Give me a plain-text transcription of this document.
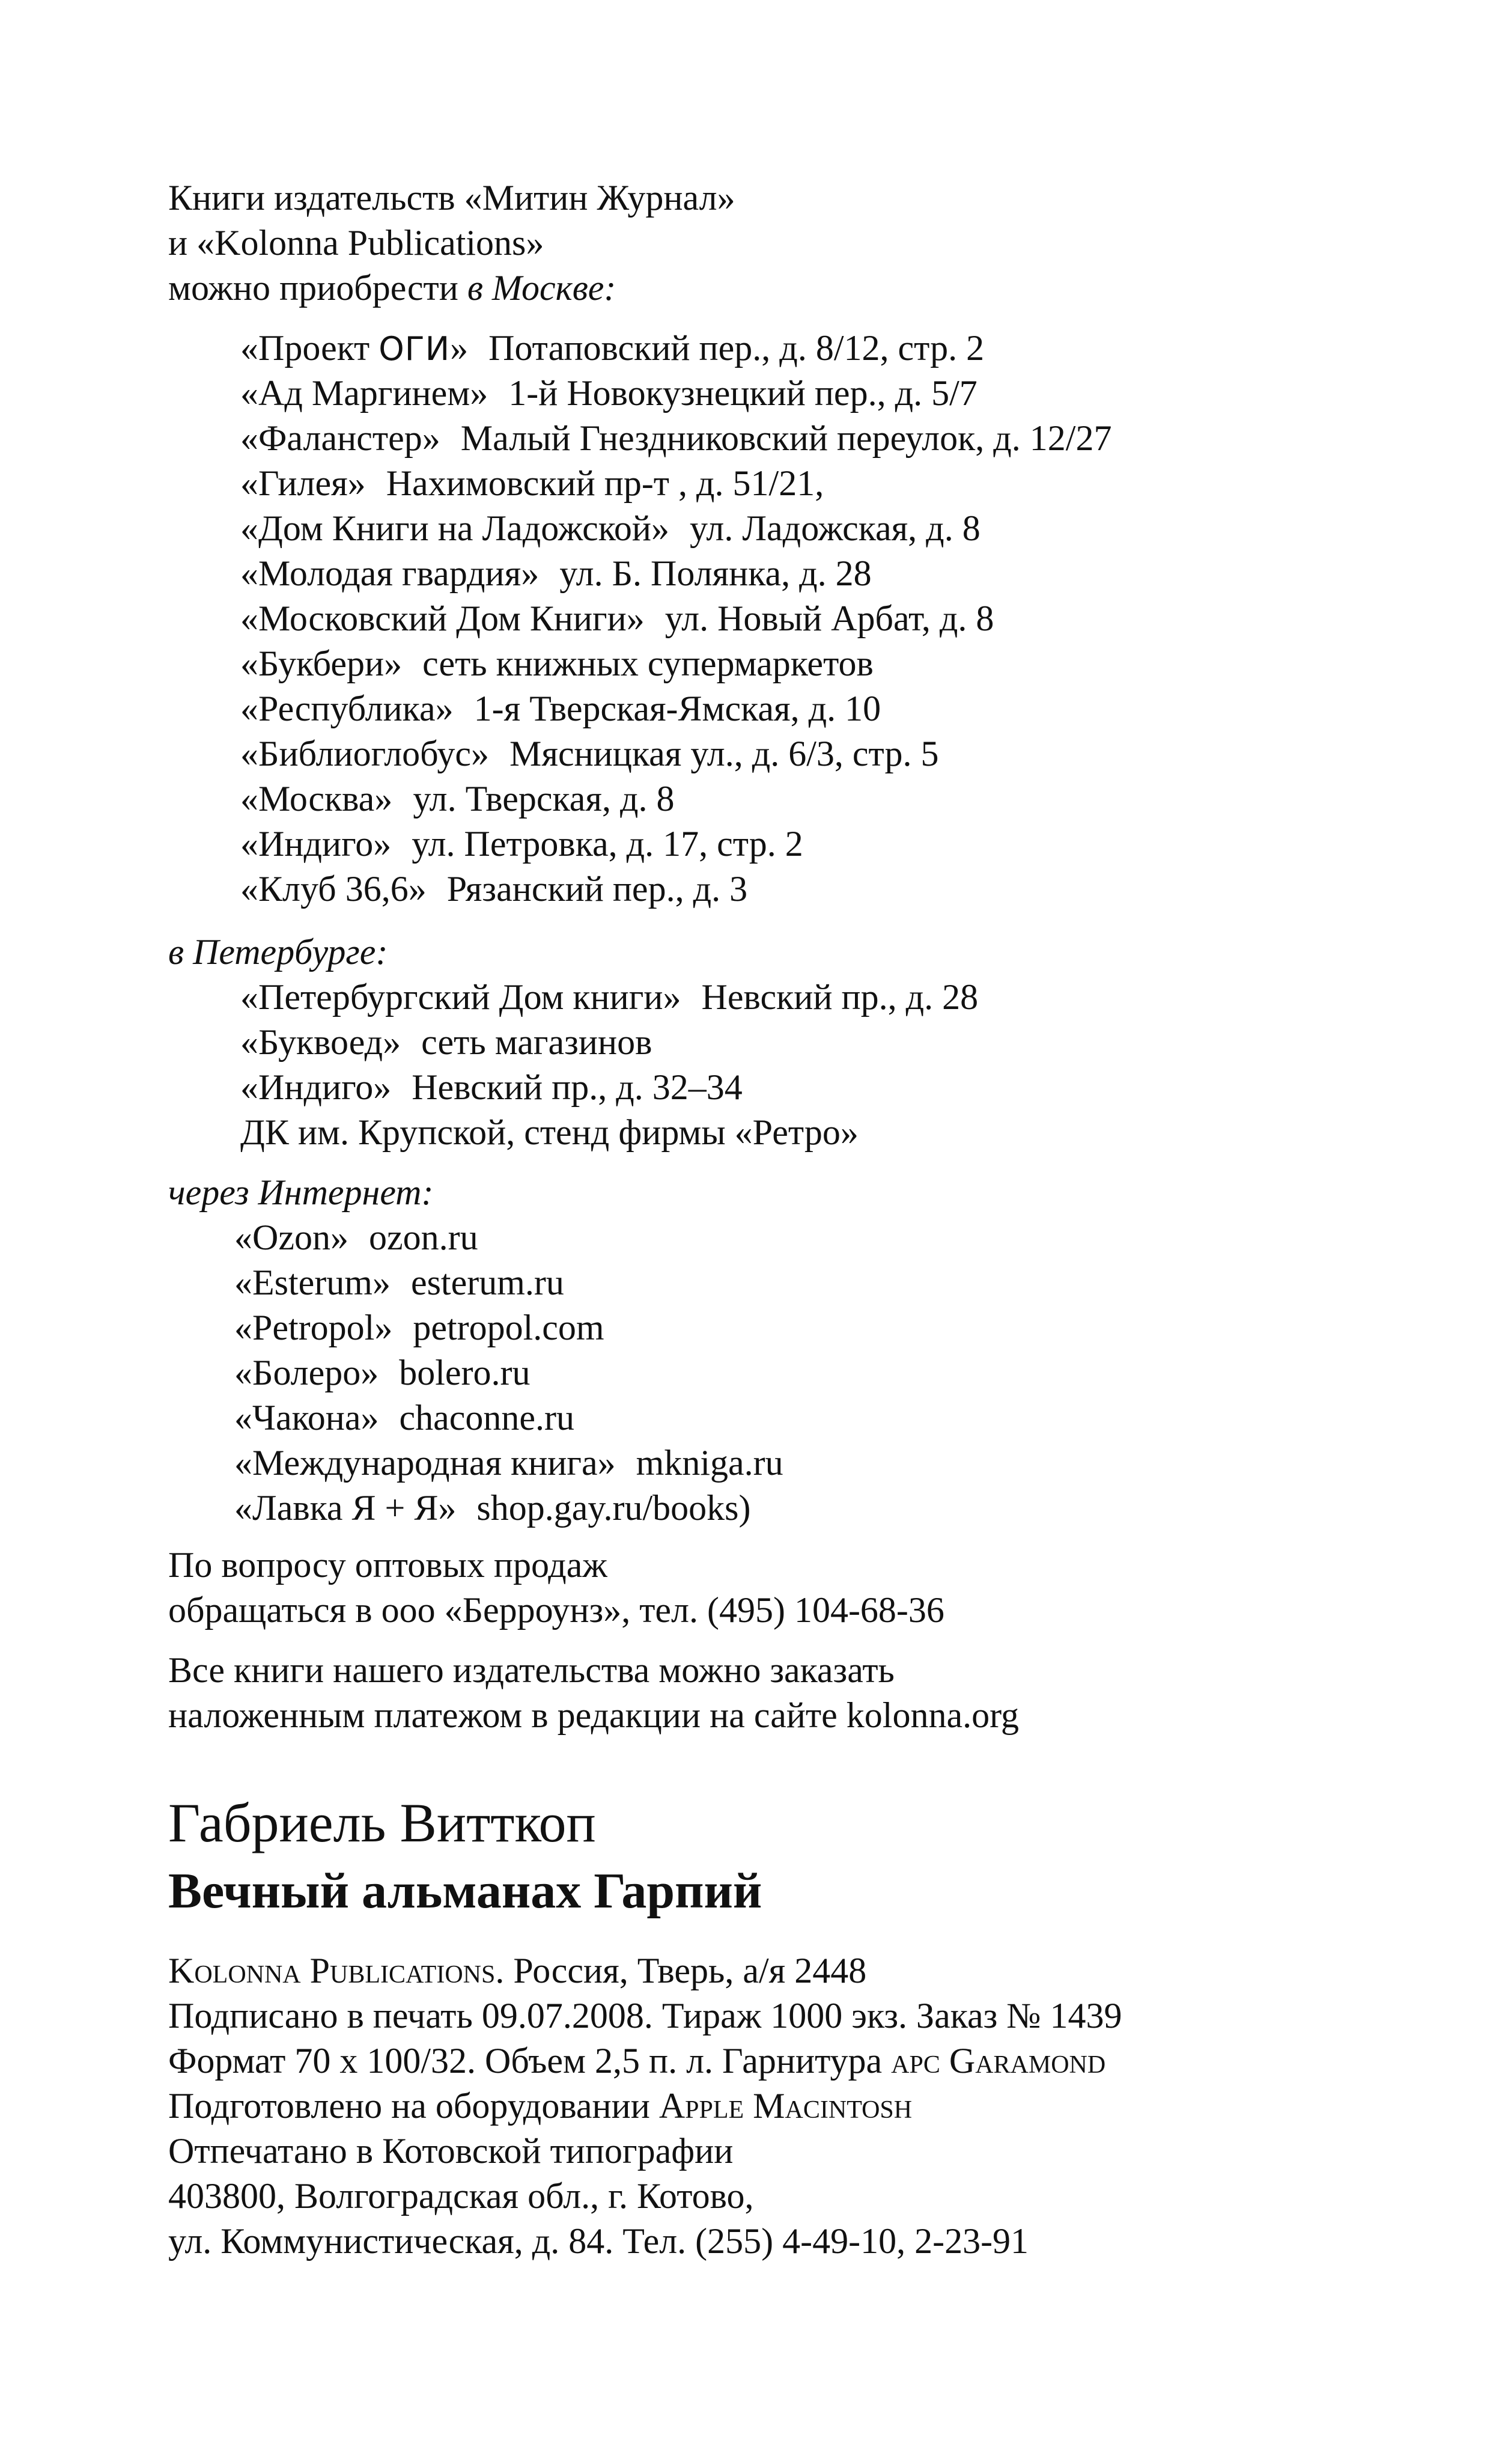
Книги издательств «Митин Журнал»
и «Kolonna Publications»
можно приобрести в Москве:
«Проект ОГИ» Потаповский пер., д. 8/12, стр. 2
«Ад Маргинем» 1-й Новокузнецкий пер., д. 5/7
«Фаланстер» Малый Гнездниковский переулок, д. 12/27
«Гилея» Нахимовский пр-т , д. 51/21,
«Дом Книги на Ладожской» ул. Ладожская, д. 8
«Молодая гвардия» ул. Б. Полянка, д. 28
«Московский Дом Книги» ул. Новый Арбат, д. 8
«Букбери» сеть книжных супермаркетов
«Республика» 1-я Тверская-Ямская, д. 10
«Библиоглобус» Мясницкая ул., д. 6/3, стр. 5
«Москва» ул. Тверская, д. 8
«Индиго» ул. Петровка, д. 17, стр. 2
«Клуб 36,6» Рязанский пер., д. 3
в Петербурге:
«Петербургский Дом книги» Невский пр., д. 28
«Буквоед» сеть магазинов
«Индиго» Невский пр., д. 32–34
ДК им. Крупской, стенд фирмы «Ретро»
через Интернет:
«Ozon» ozon.ru
«Esterum» esterum.ru
«Petropol» petropol.com
«Болеро» bolero.ru
«Чакона» chaconne.ru
«Международная книга» mkniga.ru
«Лавка Я + Я» shop.gay.ru/books)
По вопросу оптовых продаж
обращаться в ооо «Берроунз», тел. (495) 104-68-36
Все книги нашего издательства можно заказать
наложенным платежом в редакции на сайте kolonna.org
Габриель Витткоп
Вечный альманах Гарпий
Kolonna Publications. Россия, Тверь, а/я 2448
Подписано в печать 09.07.2008. Тираж 1000 экз. Заказ № 1439
Формат 70 x 100/32. Объем 2,5 п. л. Гарнитура apc Garamond
Подготовлено на оборудовании Apple Macintosh
Отпечатано в Котовской типографии
403800, Волгоградская обл., г. Котово,
ул. Коммунистическая, д. 84. Тел. (255) 4-49-10, 2-23-91
